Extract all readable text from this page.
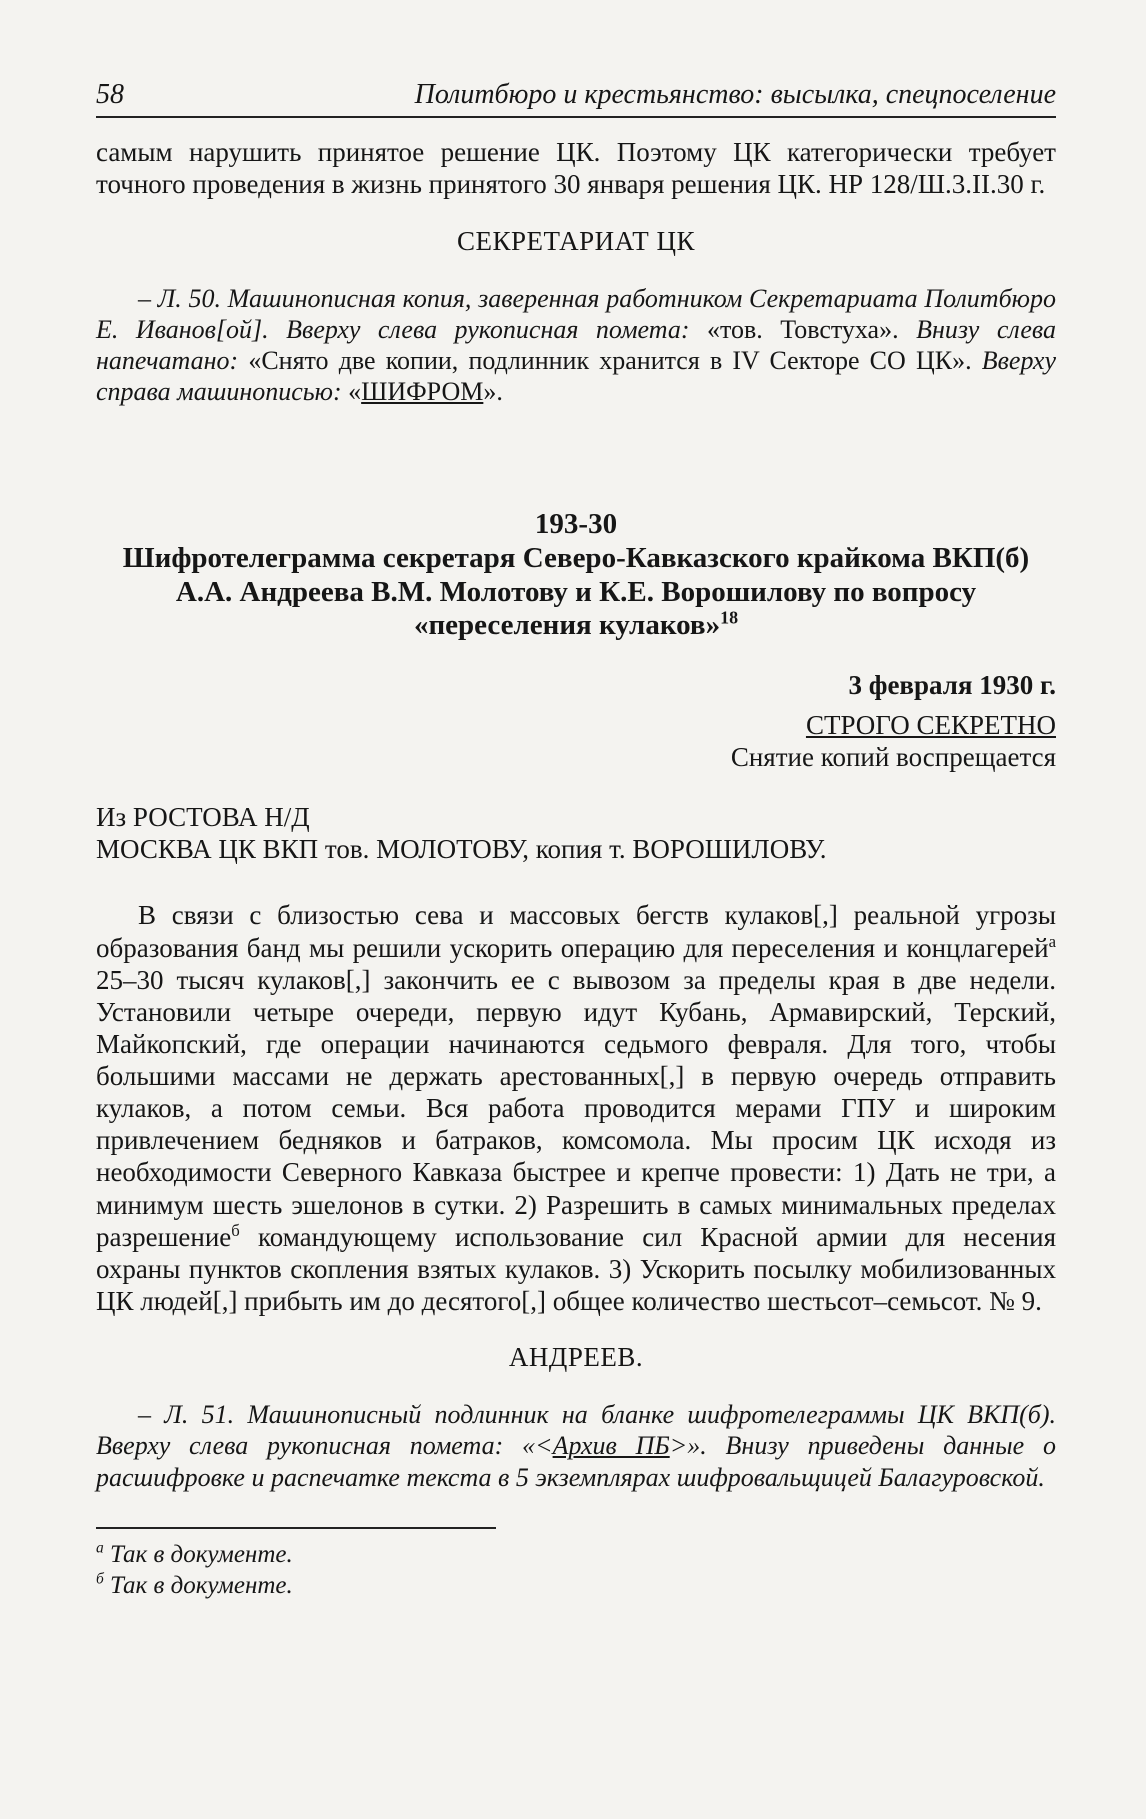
58	Политбюро и крестьянство: высылка, спецпоселение

самым нарушить принятое решение ЦК. Поэтому ЦК категорически требует точного проведения в жизнь принятого 30 января решения ЦК. НР 128/Ш.3.II.30 г.

СЕКРЕТАРИАТ ЦК

– Л. 50. Машинописная копия, заверенная работником Секретариата Политбюро Е. Иванов[ой]. Вверху слева рукописная помета: «тов. Товстуха». Внизу слева напечатано: «Снято две копии, подлинник хранится в IV Секторе СО ЦК». Вверху справа машинописью: «ШИФРОМ».

193-30

Шифротелеграмма секретаря Северо-Кавказского крайкома ВКП(б) А.А. Андреева В.М. Молотову и К.Е. Ворошилову по вопросу «переселения кулаков»$^{18}$

3 февраля 1930 г.

СТРОГО СЕКРЕТНО

Снятие копий воспрещается

Из РОСТОВА Н/Д

МОСКВА ЦК ВКП тов. МОЛОТОВУ, копия т. ВОРОШИЛОВУ.

В связи с близостью сева и массовых бегств кулаков[,] реальной угрозы образования банд мы решили ускорить операцию для переселения и концлагерей$^а$ 25–30 тысяч кулаков[,] закончить ее с вывозом за пределы края в две недели. Установили четыре очереди, первую идут Кубань, Армавирский, Терский, Майкопский, где операции начинаются седьмого февраля. Для того, чтобы большими массами не держать арестованных[,] в первую очередь отправить кулаков, а потом семьи. Вся работа проводится мерами ГПУ и широким привлечением бедняков и батраков, комсомола. Мы просим ЦК исходя из необходимости Северного Кавказа быстрее и крепче провести: 1) Дать не три, а минимум шесть эшелонов в сутки. 2) Разрешить в самых минимальных пределах разрешение$^б$ командующему использование сил Красной армии для несения охраны пунктов скопления взятых кулаков. 3) Ускорить посылку мобилизованных ЦК людей[,] прибыть им до десятого[,] общее количество шестьсот–семьсот. № 9.

АНДРЕЕВ.

– Л. 51. Машинописный подлинник на бланке шифротелеграммы ЦК ВКП(б). Вверху слева рукописная помета: «<Архив ПБ>». Внизу приведены данные о расшифровке и распечатке текста в 5 экземплярах шифровальщицей Балагуровской.

$^а$ Так в документе.

$^б$ Так в документе.
